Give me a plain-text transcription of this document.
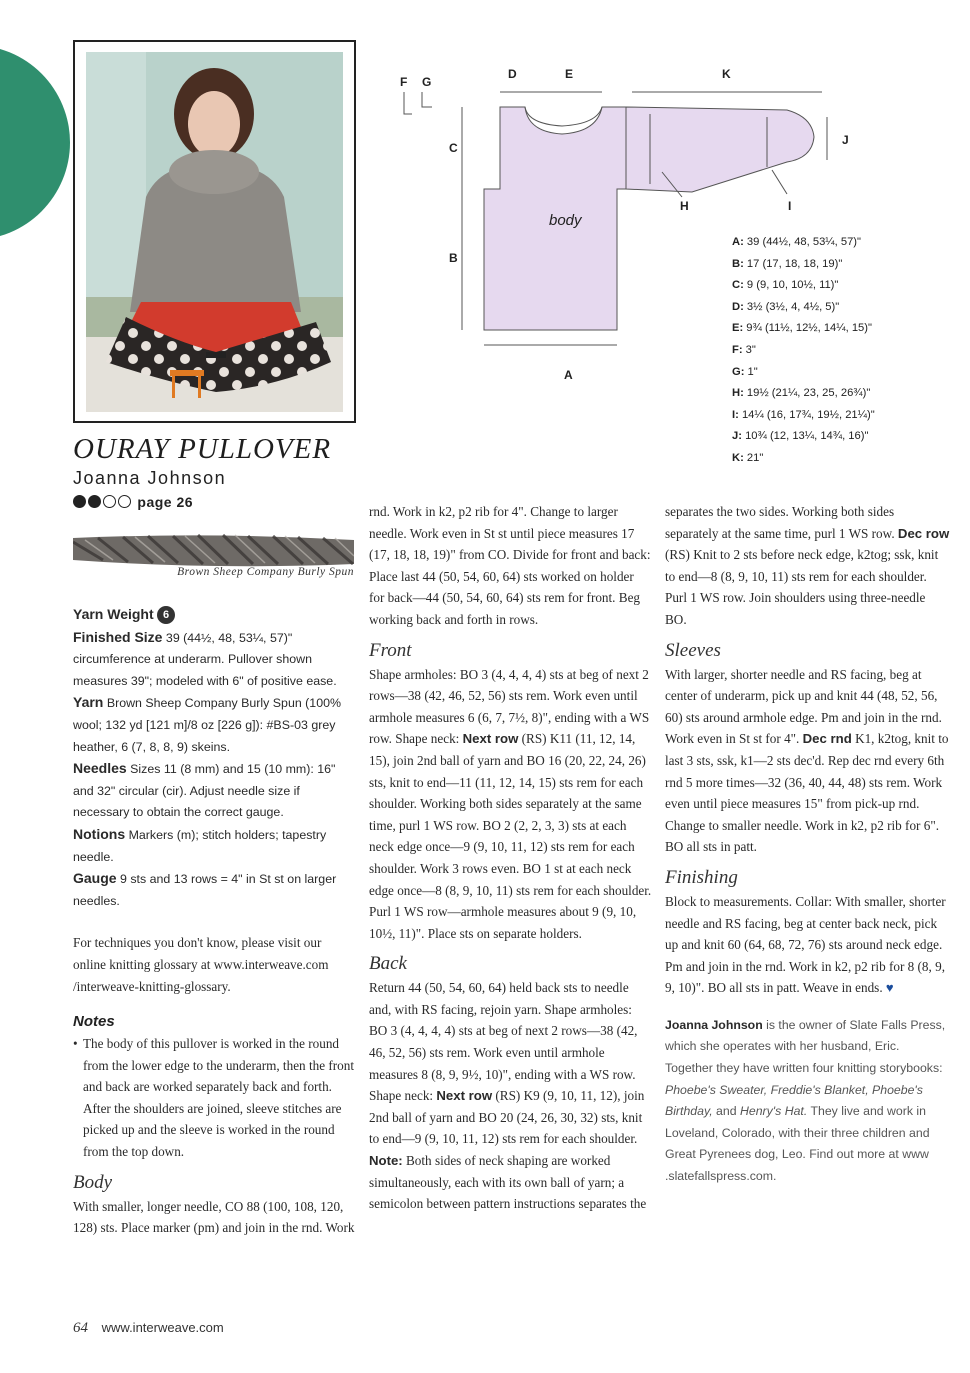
F G
D	E	K
C
B
A
H	I
J
body
A: 39 (44½, 48, 53¼, 57)"
B: 17 (17, 18, 18, 19)"
C: 9 (9, 10, 10½, 11)"
D: 3½ (3½, 4, 4½, 5)"
E: 9¾ (11½, 12½, 14¼, 15)"
F: 3"
G: 1"
H: 19½ (21¼, 23, 25, 26¾)"
I: 14¼ (16, 17¾, 19½, 21¼)"
J: 10¾ (12, 13¼, 14¾, 16)"
K: 21"
OURAY PULLOVER
Joanna Johnson
page 26
Brown Sheep Company Burly Spun

Yarn Weight 6

Finished Size 39 (44½, 48, 53¼, 57)" circumference at underarm. Pullover shown measures 39"; modeled with 6" of positive ease.

Yarn Brown Sheep Company Burly Spun (100% wool; 132 yd [121 m]/8 oz [226 g]): #BS-03 grey heather, 6 (7, 8, 8, 9) skeins.

Needles Sizes 11 (8 mm) and 15 (10 mm): 16" and 32" circular (cir). Adjust needle size if necessary to obtain the correct gauge.

Notions Markers (m); stitch holders; tapestry needle.

Gauge 9 sts and 13 rows = 4" in St st on larger needles.

For techniques you don't know, please visit our online knitting glossary at www.interweave.com /interweave-knitting-glossary.

Notes
• The body of this pullover is worked in the round from the lower edge to the underarm, then the front and back are worked separately back and forth. After the shoulders are joined, sleeve stitches are picked up and the sleeve is worked in the round from the top down.
Body

With smaller, longer needle, CO 88 (100, 108, 120, 128) sts. Place marker (pm) and join in the rnd. Work

rnd. Work in k2, p2 rib for 4". Change to larger needle. Work even in St st until piece measures 17 (17, 18, 18, 19)" from CO. Divide for front and back: Place last 44 (50, 54, 60, 64) sts worked on holder for back—44 (50, 54, 60, 64) sts rem for front. Beg working back and forth in rows.

Front

Shape armholes: BO 3 (4, 4, 4, 4) sts at beg of next 2 rows—38 (42, 46, 52, 56) sts rem. Work even until armhole measures 6 (6, 7, 7½, 8)", ending with a WS row. Shape neck: Next row (RS) K11 (11, 12, 14, 15), join 2nd ball of yarn and BO 16 (20, 22, 24, 26) sts, knit to end—11 (11, 12, 14, 15) sts rem for each shoulder. Working both sides separately at the same time, purl 1 WS row. BO 2 (2, 2, 3, 3) sts at each neck edge once—9 (9, 10, 11, 12) sts rem for each shoulder. Work 3 rows even. BO 1 st at each neck edge once—8 (8, 9, 10, 11) sts rem for each shoulder. Purl 1 WS row—armhole measures about 9 (9, 10, 10½, 11)". Place sts on separate holders.

Back

Return 44 (50, 54, 60, 64) held back sts to needle and, with RS facing, rejoin yarn. Shape armholes: BO 3 (4, 4, 4, 4) sts at beg of next 2 rows—38 (42, 46, 52, 56) sts rem. Work even until armhole measures 8 (8, 9, 9½, 10)", ending with a WS row. Shape neck: Next row (RS) K9 (9, 10, 11, 12), join 2nd ball of yarn and BO 20 (24, 26, 30, 32) sts, knit to end—9 (9, 10, 11, 12) sts rem for each shoulder. Note: Both sides of neck shaping are worked simultaneously, each with its own ball of yarn; a semicolon between pattern instructions separates the

separates the two sides. Working both sides separately at the same time, purl 1 WS row. Dec row (RS) Knit to 2 sts before neck edge, k2tog; ssk, knit to end—8 (8, 9, 10, 11) sts rem for each shoulder. Purl 1 WS row. Join shoulders using three-needle BO.

Sleeves

With larger, shorter needle and RS facing, beg at center of underarm, pick up and knit 44 (48, 52, 56, 60) sts around armhole edge. Pm and join in the rnd. Work even in St st for 4". Dec rnd K1, k2tog, knit to last 3 sts, ssk, k1—2 sts dec'd. Rep dec rnd every 6th rnd 5 more times—32 (36, 40, 44, 48) sts rem. Work even until piece measures 15" from pick-up rnd. Change to smaller needle. Work in k2, p2 rib for 6". BO all sts in patt.

Finishing

Block to measurements. Collar: With smaller, shorter needle and RS facing, beg at center back neck, pick up and knit 60 (64, 68, 72, 76) sts around neck edge. Pm and join in the rnd. Work in k2, p2 rib for 8 (8, 9, 9, 10)". BO all sts in patt. Weave in ends. ♥

Joanna Johnson is the owner of Slate Falls Press, which she operates with her husband, Eric. Together they have written four knitting storybooks: Phoebe's Sweater, Freddie's Blanket, Phoebe's Birthday, and Henry's Hat. They live and work in Loveland, Colorado, with their three children and Great Pyrenees dog, Leo. Find out more at www .slatefallspress.com.

64 www.interweave.com
